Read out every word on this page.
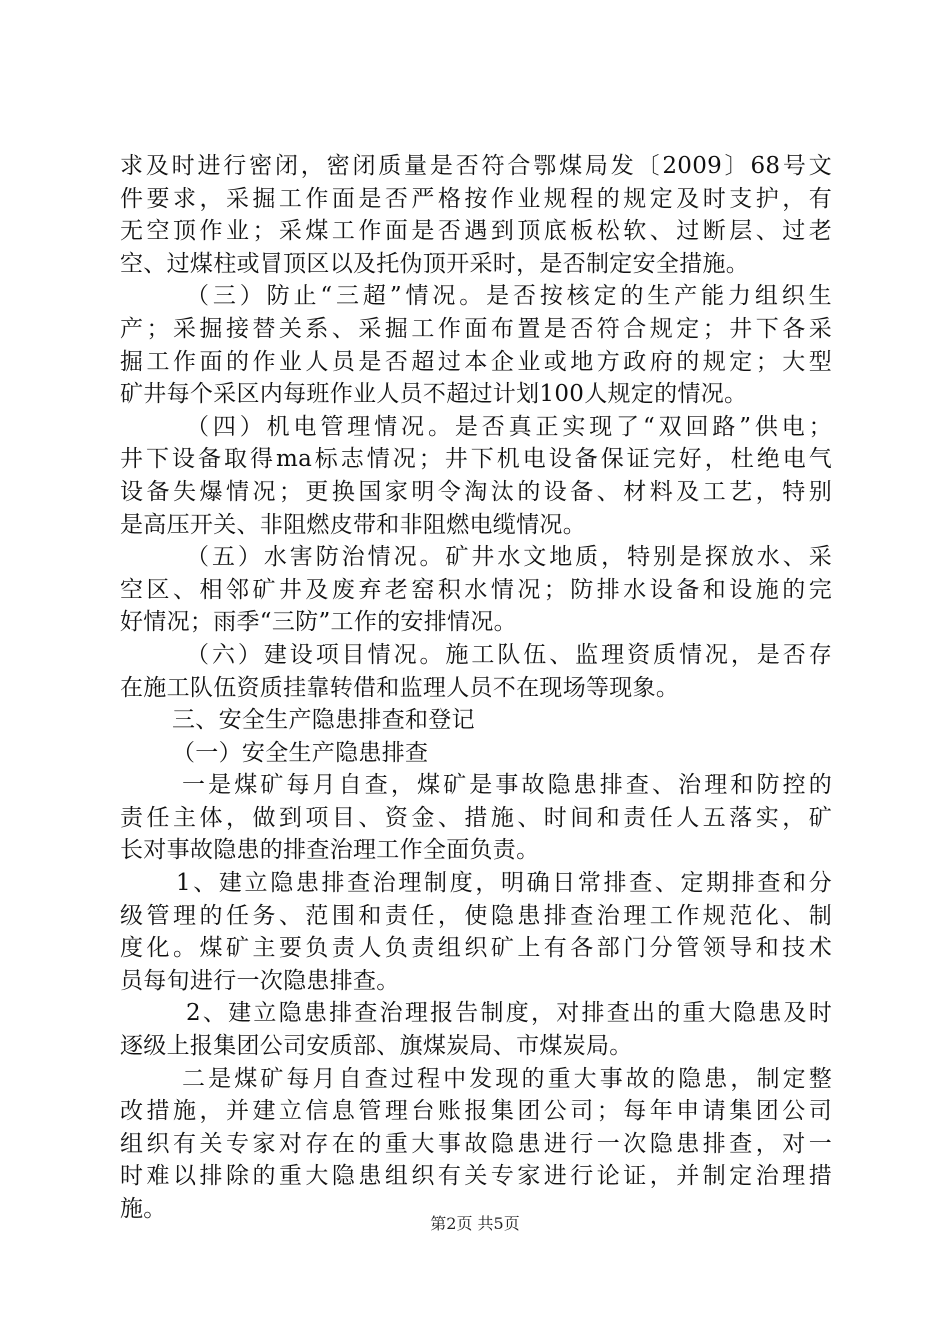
求及时进行密闭，密闭质量是否符合鄂煤局发〔2009〕68号文
件要求，采掘工作面是否严格按作业规程的规定及时支护，有
无空顶作业；采煤工作面是否遇到顶底板松软、过断层、过老
空、过煤柱或冒顶区以及托伪顶开采时，是否制定安全措施。
（三）防止“三超”情况。是否按核定的生产能力组织生
产；采掘接替关系、采掘工作面布置是否符合规定；井下各采
掘工作面的作业人员是否超过本企业或地方政府的规定；大型
矿井每个采区内每班作业人员不超过计划100人规定的情况。
（四）机电管理情况。是否真正实现了“双回路”供电；
井下设备取得ma标志情况；井下机电设备保证完好，杜绝电气
设备失爆情况；更换国家明令淘汰的设备、材料及工艺，特别
是高压开关、非阻燃皮带和非阻燃电缆情况。
（五）水害防治情况。矿井水文地质，特别是探放水、采
空区、相邻矿井及废弃老窑积水情况；防排水设备和设施的完
好情况；雨季“三防”工作的安排情况。
（六）建设项目情况。施工队伍、监理资质情况，是否存
在施工队伍资质挂靠转借和监理人员不在现场等现象。
三、安全生产隐患排查和登记
（一）安全生产隐患排查
一是煤矿每月自查，煤矿是事故隐患排查、治理和防控的
责任主体，做到项目、资金、措施、时间和责任人五落实，矿
长对事故隐患的排查治理工作全面负责。
1、建立隐患排查治理制度，明确日常排查、定期排查和分
级管理的任务、范围和责任，使隐患排查治理工作规范化、制
度化。煤矿主要负责人负责组织矿上有各部门分管领导和技术
员每旬进行一次隐患排查。
2、建立隐患排查治理报告制度，对排查出的重大隐患及时
逐级上报集团公司安质部、旗煤炭局、市煤炭局。
二是煤矿每月自查过程中发现的重大事故的隐患，制定整
改措施，并建立信息管理台账报集团公司；每年申请集团公司
组织有关专家对存在的重大事故隐患进行一次隐患排查，对一
时难以排除的重大隐患组织有关专家进行论证，并制定治理措
施。
第2页 共5页
